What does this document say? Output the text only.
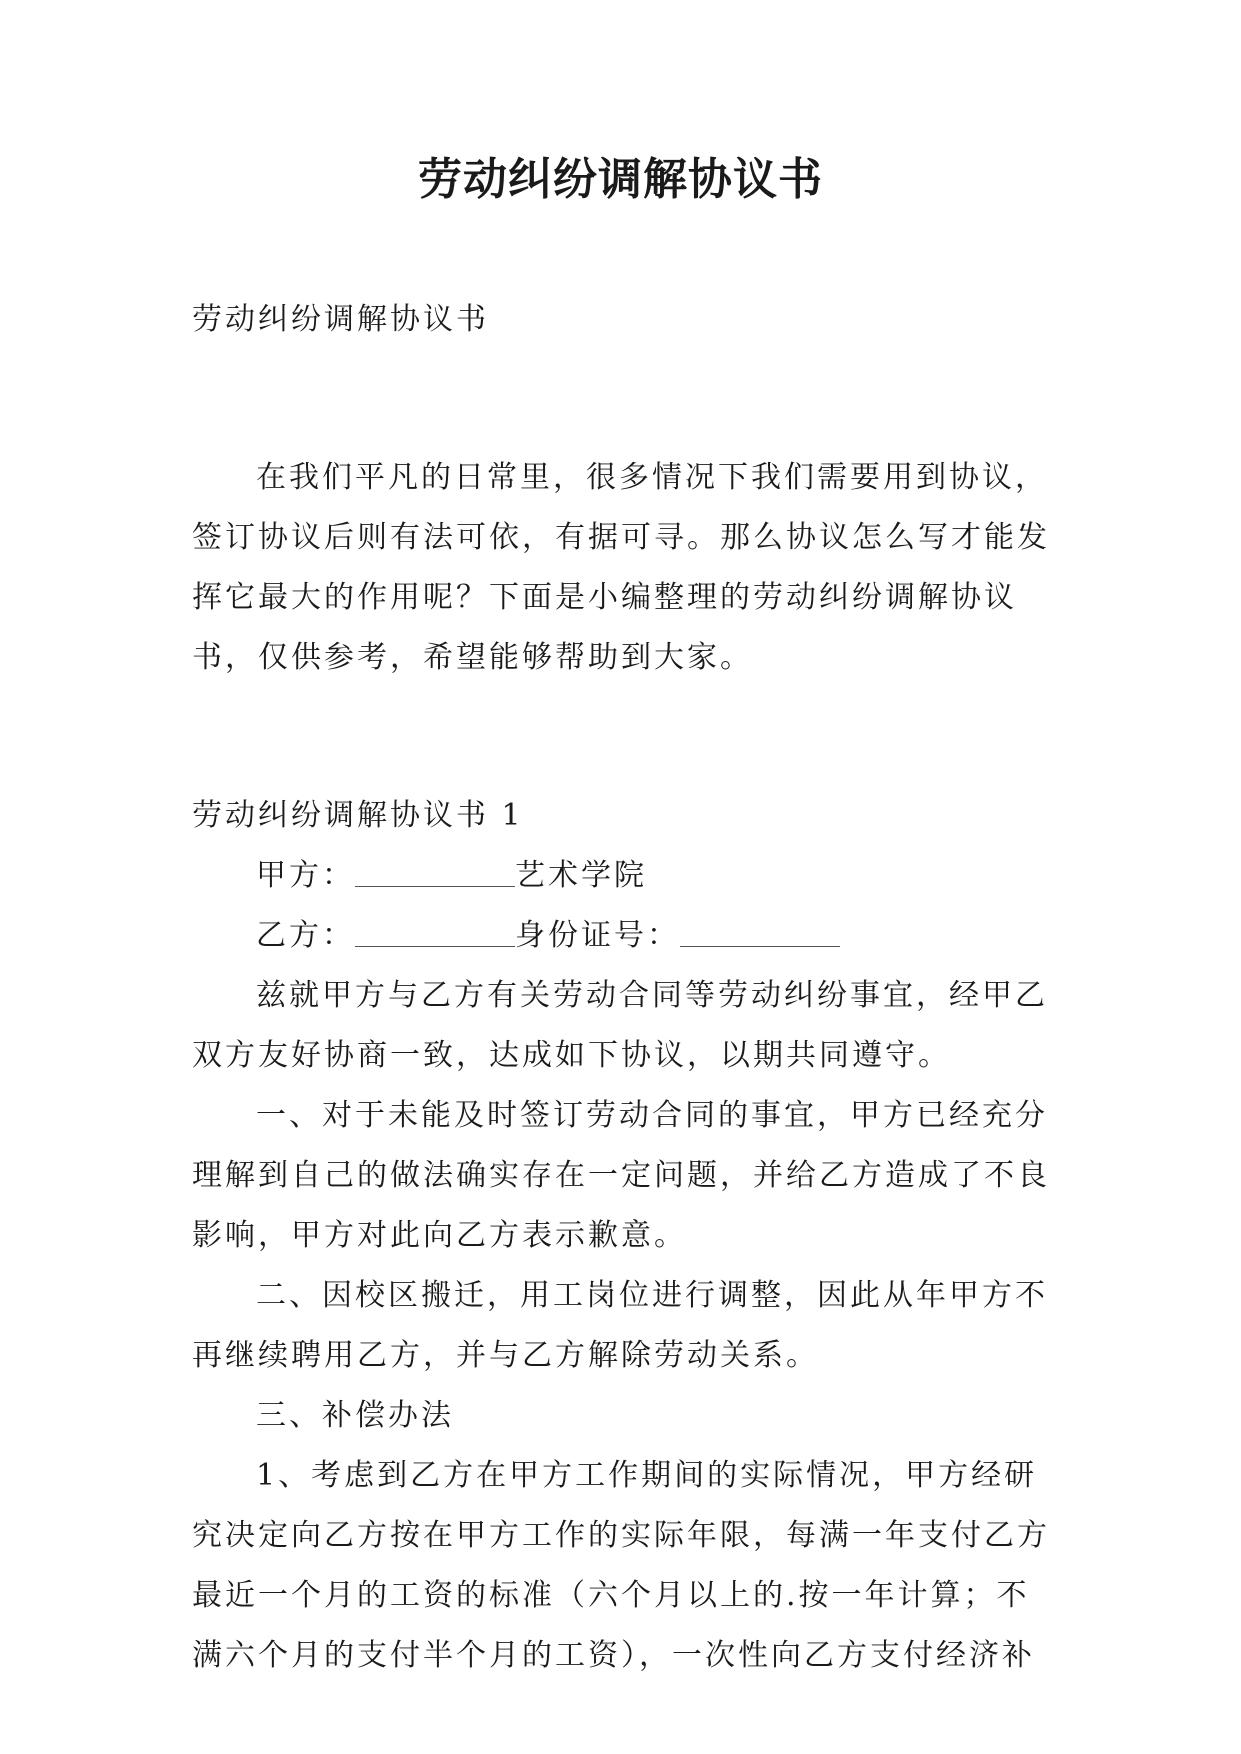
劳动纠纷调解协议书
劳动纠纷调解协议书
在我们平凡的日常里，很多情况下我们需要用到协议，
签订协议后则有法可依，有据可寻。那么协议怎么写才能发
挥它最大的作用呢？下面是小编整理的劳动纠纷调解协议
书，仅供参考，希望能够帮助到大家。
劳动纠纷调解协议书 1
甲方：	艺术学院
乙方：	身份证号：
兹就甲方与乙方有关劳动合同等劳动纠纷事宜，经甲乙
双方友好协商一致，达成如下协议，以期共同遵守。
一、对于未能及时签订劳动合同的事宜，甲方已经充分
理解到自己的做法确实存在一定问题，并给乙方造成了不良
影响，甲方对此向乙方表示歉意。
二、因校区搬迁，用工岗位进行调整，因此从年甲方不
再继续聘用乙方，并与乙方解除劳动关系。
三、补偿办法
1、考虑到乙方在甲方工作期间的实际情况，甲方经研
究决定向乙方按在甲方工作的实际年限，每满一年支付乙方
最近一个月的工资的标准（六个月以上的.按一年计算；不
满六个月的支付半个月的工资），一次性向乙方支付经济补
